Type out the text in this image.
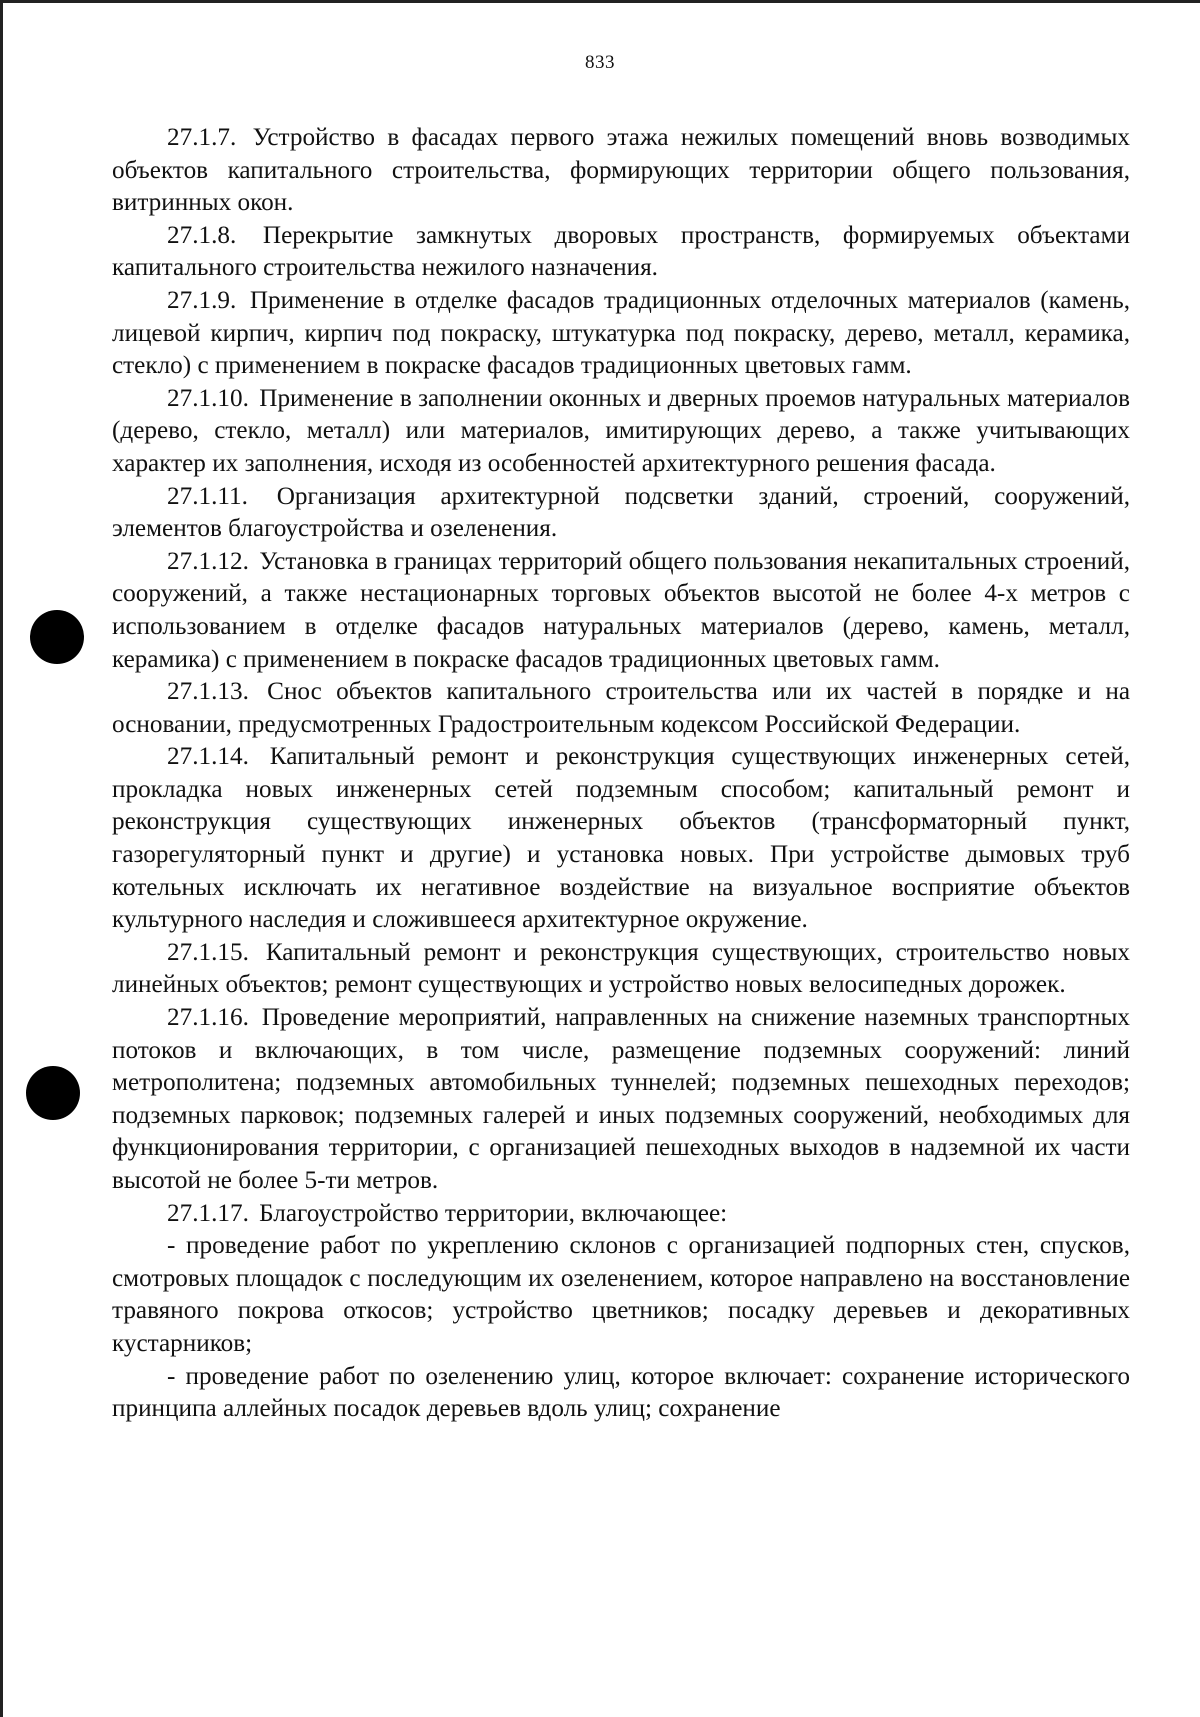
833

27.1.7. Устройство в фасадах первого этажа нежилых помещений вновь возводимых объектов капитального строительства, формирующих территории общего пользования, витринных окон.

27.1.8. Перекрытие замкнутых дворовых пространств, формируемых объектами капитального строительства нежилого назначения.

27.1.9. Применение в отделке фасадов традиционных отделочных материалов (камень, лицевой кирпич, кирпич под покраску, штукатурка под покраску, дерево, металл, керамика, стекло) с применением в покраске фасадов традиционных цветовых гамм.

27.1.10. Применение в заполнении оконных и дверных проемов натуральных материалов (дерево, стекло, металл) или материалов, имитирующих дерево, а также учитывающих характер их заполнения, исходя из особенностей архитектурного решения фасада.

27.1.11. Организация архитектурной подсветки зданий, строений, сооружений, элементов благоустройства и озеленения.

27.1.12. Установка в границах территорий общего пользования некапитальных строений, сооружений, а также нестационарных торговых объектов высотой не более 4-х метров с использованием в отделке фасадов натуральных материалов (дерево, камень, металл, керамика) с применением в покраске фасадов традиционных цветовых гамм.

27.1.13. Снос объектов капитального строительства или их частей в порядке и на основании, предусмотренных Градостроительным кодексом Российской Федерации.

27.1.14. Капитальный ремонт и реконструкция существующих инженерных сетей, прокладка новых инженерных сетей подземным способом; капитальный ремонт и реконструкция существующих инженерных объектов (трансформаторный пункт, газорегуляторный пункт и другие) и установка новых. При устройстве дымовых труб котельных исключать их негативное воздействие на визуальное восприятие объектов культурного наследия и сложившееся архитектурное окружение.

27.1.15. Капитальный ремонт и реконструкция существующих, строительство новых линейных объектов; ремонт существующих и устройство новых велосипедных дорожек.

27.1.16. Проведение мероприятий, направленных на снижение наземных транспортных потоков и включающих, в том числе, размещение подземных сооружений: линий метрополитена; подземных автомобильных туннелей; подземных пешеходных переходов; подземных парковок; подземных галерей и иных подземных сооружений, необходимых для функционирования территории, с организацией пешеходных выходов в надземной их части высотой не более 5-ти метров.

27.1.17. Благоустройство территории, включающее:

- проведение работ по укреплению склонов с организацией подпорных стен, спусков, смотровых площадок с последующим их озеленением, которое направлено на восстановление травяного покрова откосов; устройство цветников; посадку деревьев и декоративных кустарников;

- проведение работ по озеленению улиц, которое включает: сохранение исторического принципа аллейных посадок деревьев вдоль улиц; сохранение
